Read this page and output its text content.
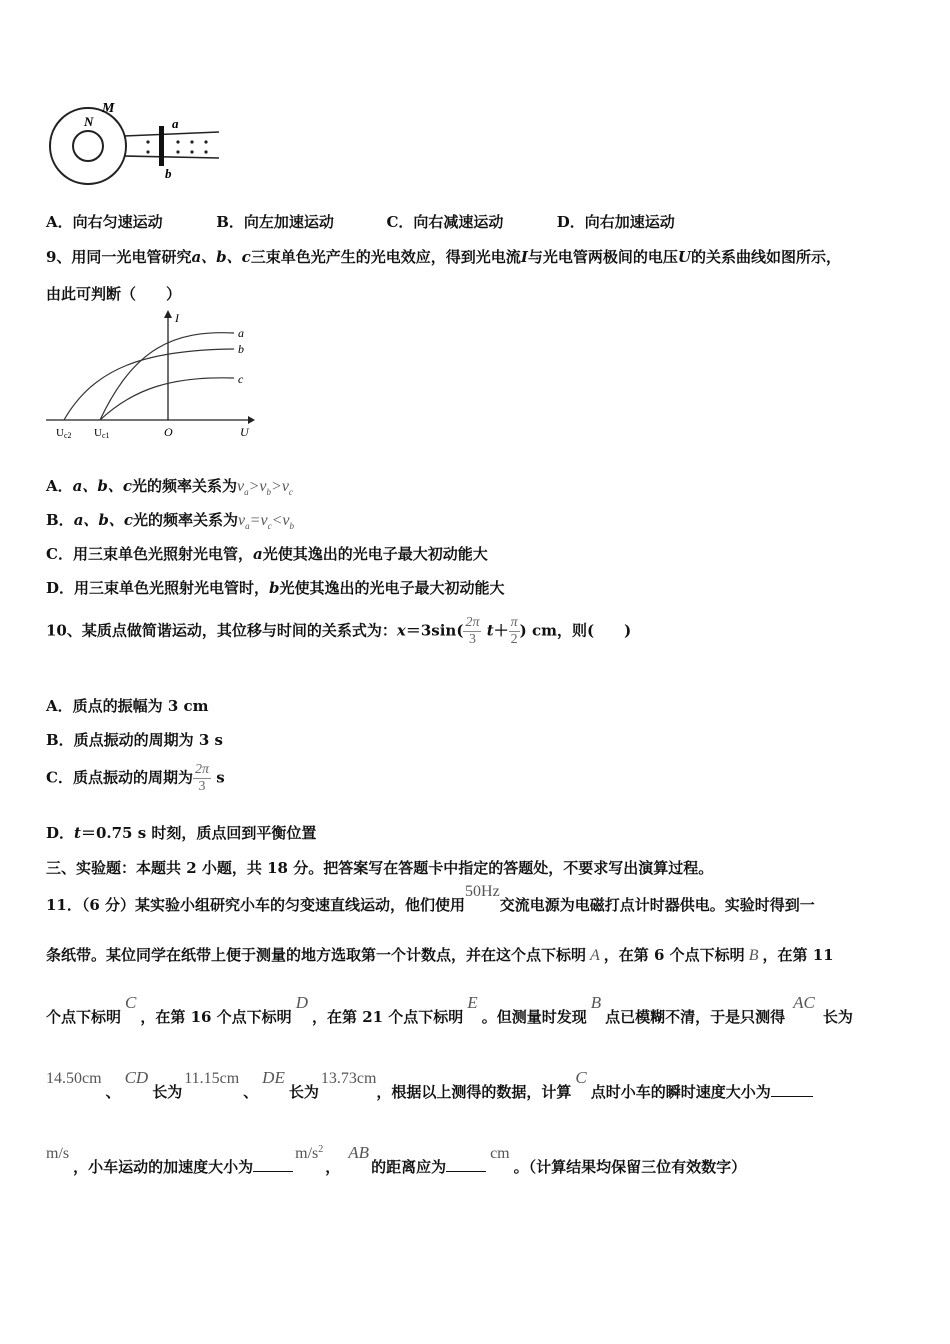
M
N	a
b
A．向右匀速运动	B．向左加速运动	C．向右减速运动	D．向右加速运动
9、用同一光电管研究a、b、c三束单色光产生的光电效应，得到光电流I与光电管两极间的电压U的关系曲线如图所示，
由此可判断（　　）
I
U
O
a
b
c
Uc2 Uc1
A．a、b、c光的频率关系为$\nu_a>\nu_b>\nu_c$
B．a、b、c光的频率关系为$\nu_a=\nu_c<\nu_b$
C．用三束单色光照射光电管，a光使其逸出的光电子最大初动能大
D．用三束单色光照射光电管时，b光使其逸出的光电子最大初动能大
10、某质点做简谐运动，其位移与时间的关系式为：$x=3\sin( \frac{2\pi}{3} t+ \frac{\pi}{2}$ ) cm，则(　　)
A．质点的振幅为 3 cm
B．质点振动的周期为 3 s
C．质点振动的周期为 $\frac{2\pi}{3}$ s
D．t＝0.75 s 时刻，质点回到平衡位置
三、实验题：本题共 2 小题，共 18 分。把答案写在答题卡中指定的答题处，不要求写出演算过程。
11．（6 分）某实验小组研究小车的匀变速直线运动，他们使用50Hz交流电源为电磁打点计时器供电。实验时得到一
条纸带。某位同学在纸带上便于测量的地方选取第一个计数点，并在这个点下标明 A ，在第 6 个点下标明 B ，在第 11
个点下标明C，在第 16 个点下标明D，在第 21 个点下标明E。但测量时发现B点已模糊不清，于是只测得AC长为
14.50cm、CD长为11.15cm、DE长为13.73cm，根据以上测得的数据，计算C点时小车的瞬时速度大小为
m/s，小车运动的加速度大小为$m/s^2$，AB的距离应为cm。（计算结果均保留三位有效数字）
